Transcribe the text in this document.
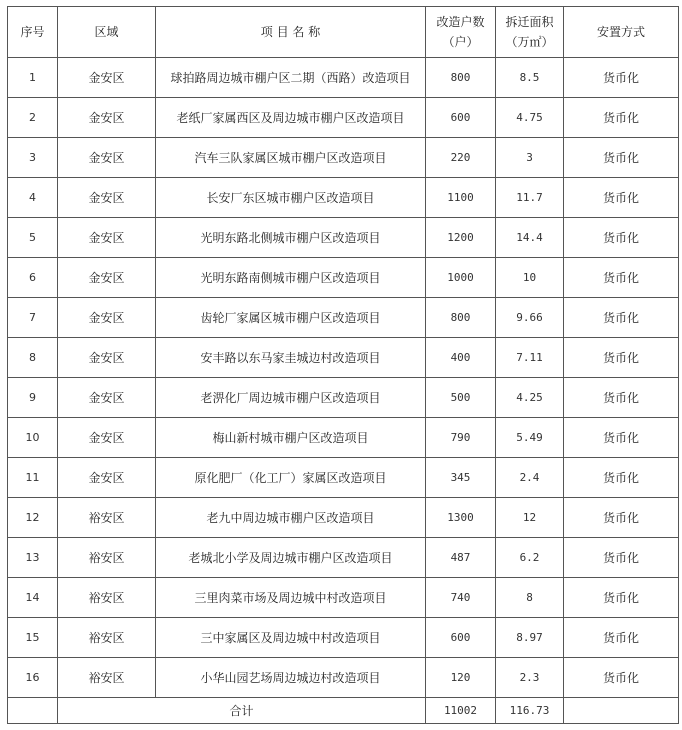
序号	区域	项 目 名 称	改造户数（户）	拆迁面积（万㎡）	安置方式
1	金安区	球拍路周边城市棚户区二期（西路）改造项目	800	8.5	货币化
2	金安区	老纸厂家属西区及周边城市棚户区改造项目	600	4.75	货币化
3	金安区	汽车三队家属区城市棚户区改造项目	220	3	货币化
4	金安区	长安厂东区城市棚户区改造项目	1100	11.7	货币化
5	金安区	光明东路北侧城市棚户区改造项目	1200	14.4	货币化
6	金安区	光明东路南侧城市棚户区改造项目	1000	10	货币化
7	金安区	齿轮厂家属区城市棚户区改造项目	800	9.66	货币化
8	金安区	安丰路以东马家圭城边村改造项目	400	7.11	货币化
9	金安区	老淠化厂周边城市棚户区改造项目	500	4.25	货币化
10	金安区	梅山新村城市棚户区改造项目	790	5.49	货币化
11	金安区	原化肥厂（化工厂）家属区改造项目	345	2.4	货币化
12	裕安区	老九中周边城市棚户区改造项目	1300	12	货币化
13	裕安区	老城北小学及周边城市棚户区改造项目	487	6.2	货币化
14	裕安区	三里肉菜市场及周边城中村改造项目	740	8	货币化
15	裕安区	三中家属区及周边城中村改造项目	600	8.97	货币化
16	裕安区	小华山园艺场周边城边村改造项目	120	2.3	货币化
	合计		11002	116.73	
